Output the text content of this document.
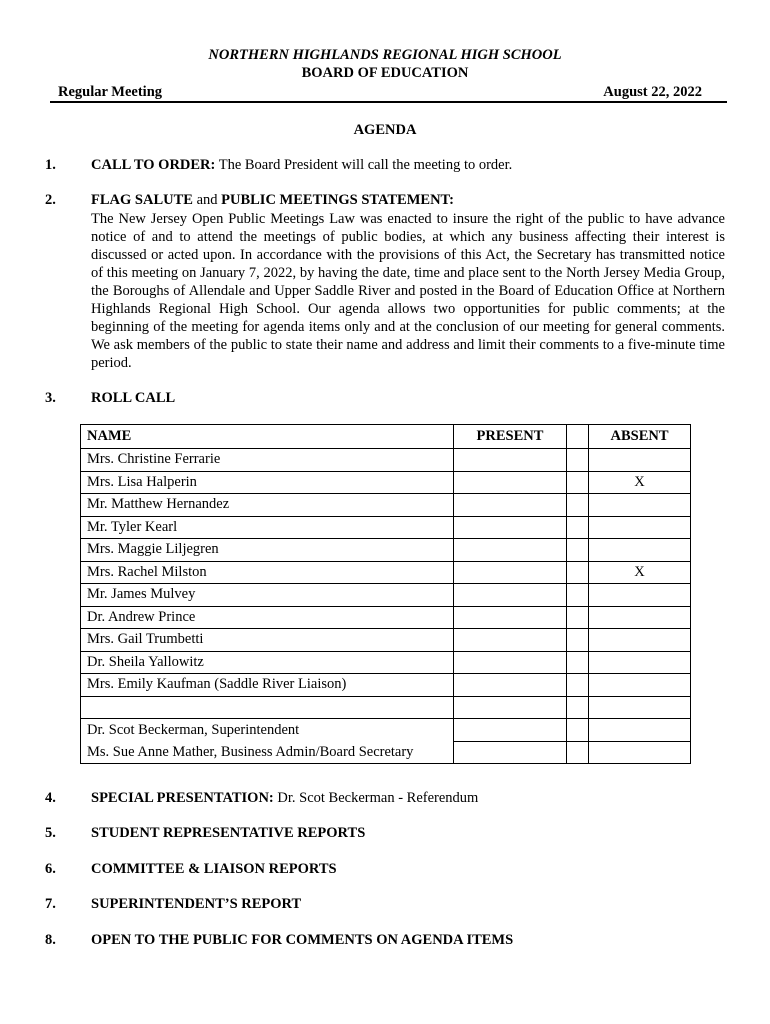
NORTHERN HIGHLANDS REGIONAL HIGH SCHOOL
BOARD OF EDUCATION
Regular Meeting	August 22, 2022
AGENDA
1. CALL TO ORDER: The Board President will call the meeting to order.
2. FLAG SALUTE and PUBLIC MEETINGS STATEMENT:
The New Jersey Open Public Meetings Law was enacted to insure the right of the public to have advance notice of and to attend the meetings of public bodies, at which any business affecting their interest is discussed or acted upon. In accordance with the provisions of this Act, the Secretary has transmitted notice of this meeting on January 7, 2022, by having the date, time and place sent to the North Jersey Media Group, the Boroughs of Allendale and Upper Saddle River and posted in the Board of Education Office at Northern Highlands Regional High School. Our agenda allows two opportunities for public comments; at the beginning of the meeting for agenda items only and at the conclusion of our meeting for general comments. We ask members of the public to state their name and address and limit their comments to a five-minute time period.
3. ROLL CALL
NAME	PRESENT		ABSENT
Mrs. Christine Ferrarie			
Mrs. Lisa Halperin			X
Mr. Matthew Hernandez			
Mr. Tyler Kearl			
Mrs. Maggie Liljegren			
Mrs. Rachel Milston			X
Mr. James Mulvey			
Dr. Andrew Prince			
Mrs. Gail Trumbetti			
Dr. Sheila Yallowitz			
Mrs. Emily Kaufman (Saddle River Liaison)			

Dr. Scot Beckerman, Superintendent			
Ms. Sue Anne Mather, Business Admin/Board Secretary			
4. SPECIAL PRESENTATION: Dr. Scot Beckerman - Referendum
5. STUDENT REPRESENTATIVE REPORTS
6. COMMITTEE & LIAISON REPORTS
7. SUPERINTENDENT’S REPORT
8. OPEN TO THE PUBLIC FOR COMMENTS ON AGENDA ITEMS
